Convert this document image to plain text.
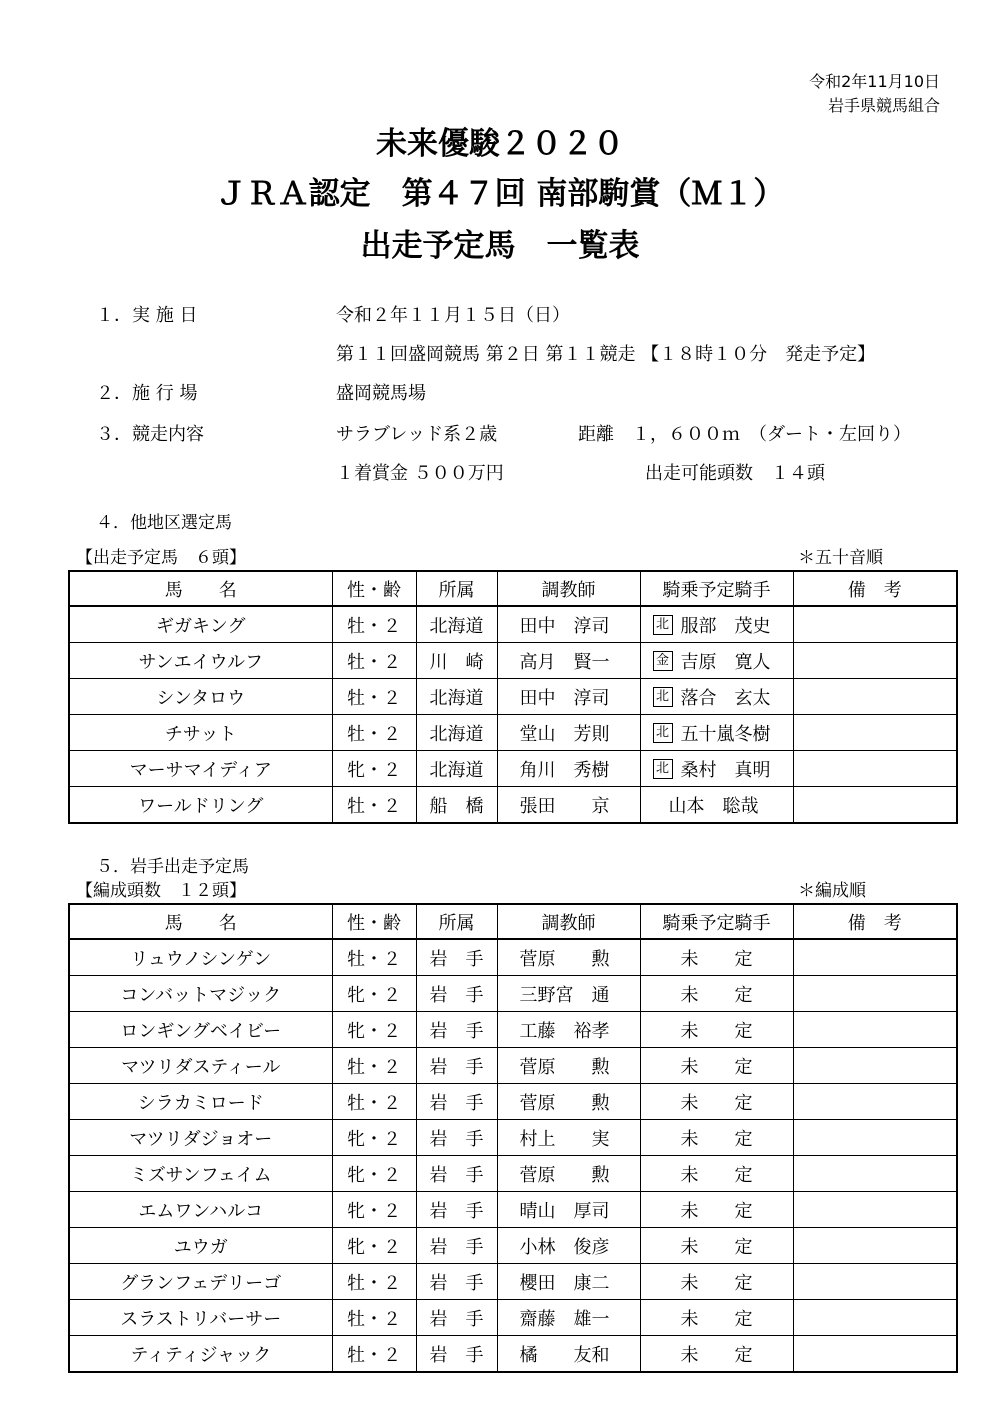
令和2年11月10日
岩手県競馬組合
未来優駿２０２０
ＪＲＡ認定　第４７回 南部駒賞（Ｍ１）
出走予定馬　一覧表
１．実 施 日	令和２年１１月１５日（日）
第１１回盛岡競馬 第２日 第１１競走 【１８時１０分　発走予定】
２．施 行 場	盛岡競馬場
３．競走内容	サラブレッド系２歳	距離　１，６００ｍ　（ダート・左回り）
１着賞金 ５００万円	出走可能頭数　１４頭
４．他地区選定馬
【出走予定馬　６頭】	＊五十音順
馬　　名	性・齢	所属	調教師	騎乗予定騎手	備　考
ギガキング	牡・２	北海道	田中　淳司	北 服部　茂史	

サンエイウルフ	牡・２	川　崎	高月　賢一	金 吉原　寛人	

シンタロウ	牡・２	北海道	田中　淳司	北 落合　玄太	

チサット	牡・２	北海道	堂山　芳則	北 五十嵐冬樹	

マーサマイディア	牝・２	北海道	角川　秀樹	北 桑村　真明	

ワールドリング	牡・２	船　橋	張田　　京	山本　聡哉	

５．岩手出走予定馬
【編成頭数　１２頭】	＊編成順
馬　　名	性・齢	所属	調教師	騎乗予定騎手	備　考
リュウノシンゲン	牡・２	岩　手	菅原　　勲	未　　定	
コンバットマジック	牝・２	岩　手	三野宮　通	未　　定	
ロンギングベイビー	牝・２	岩　手	工藤　裕孝	未　　定	
マツリダスティール	牡・２	岩　手	菅原　　勲	未　　定	
シラカミロード	牡・２	岩　手	菅原　　勲	未　　定	
マツリダジョオー	牝・２	岩　手	村上　　実	未　　定	
ミズサンフェイム	牝・２	岩　手	菅原　　勲	未　　定	
エムワンハルコ	牝・２	岩　手	晴山　厚司	未　　定	
ユウガ	牝・２	岩　手	小林　俊彦	未　　定	
グランフェデリーゴ	牡・２	岩　手	櫻田　康二	未　　定	
スラストリバーサー	牡・２	岩　手	齋藤　雄一	未　　定	
ティティジャック	牡・２	岩　手	橘　　友和	未　　定	
